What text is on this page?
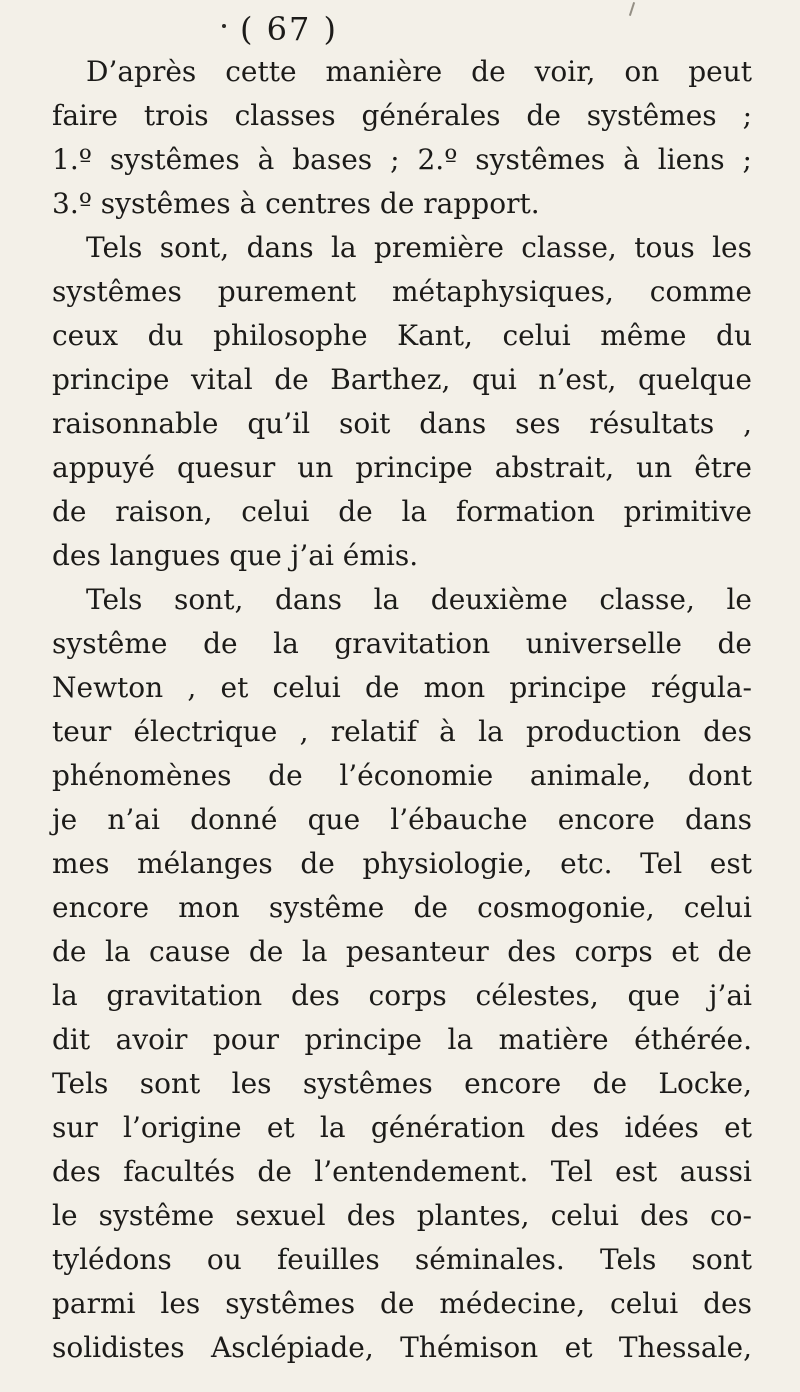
( 67 )
D’après cette manière de voir, on peut
faire trois classes générales de systêmes ;
1.º systêmes à bases ; 2.º systêmes à liens ;
3.º systêmes à centres de rapport.
Tels sont, dans la première classe, tous les
systêmes purement métaphysiques, comme
ceux du philosophe Kant, celui même du
principe vital de Barthez, qui n’est, quelque
raisonnable qu’il soit dans ses résultats ,
appuyé quesur un principe abstrait, un être
de raison, celui de la formation primitive
des langues que j’ai émis.
Tels sont, dans la deuxième classe, le
systême de la gravitation universelle de
Newton , et celui de mon principe régula-
teur électrique , relatif à la production des
phénomènes de l’économie animale, dont
je n’ai donné que l’ébauche encore dans
mes mélanges de physiologie, etc. Tel est
encore mon systême de cosmogonie, celui
de la cause de la pesanteur des corps et de
la gravitation des corps célestes, que j’ai
dit avoir pour principe la matière éthérée.
Tels sont les systêmes encore de Locke,
sur l’origine et la génération des idées et
des facultés de l’entendement. Tel est aussi
le systême sexuel des plantes, celui des co-
tylédons ou feuilles séminales. Tels sont
parmi les systêmes de médecine, celui des
solidistes Asclépiade, Thémison et Thessale,
